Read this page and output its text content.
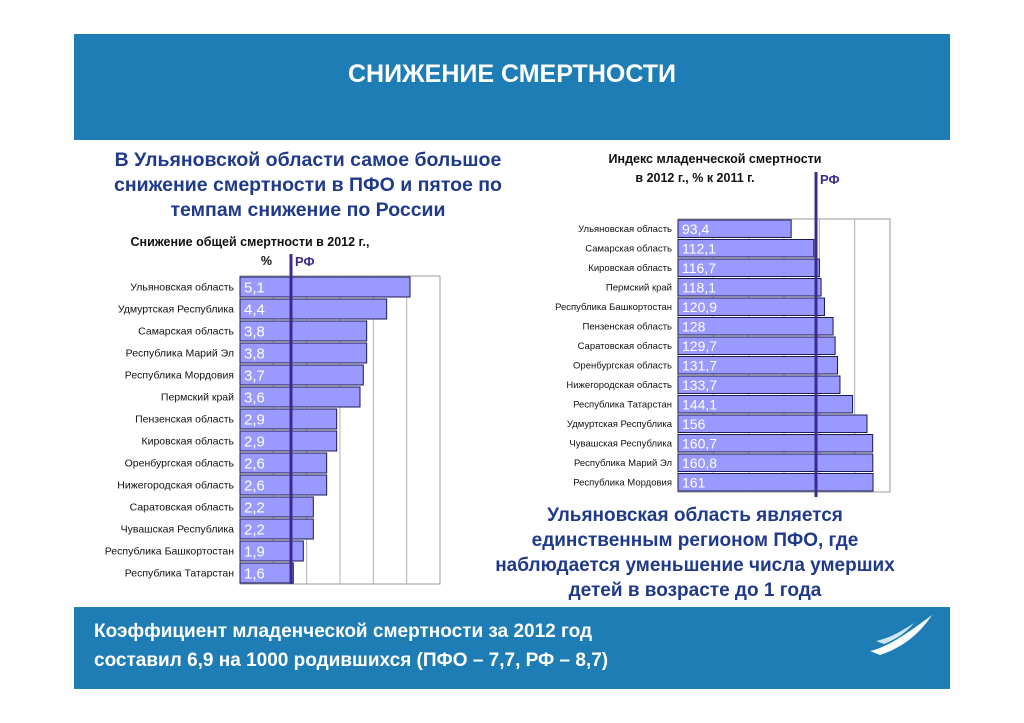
СНИЖЕНИЕ СМЕРТНОСТИ
В Ульяновской области самое большое
снижение смертности в ПФО и пятое по
темпам снижение по России
Снижение общей смертности в 2012 г.,
%
Индекс младенческой смертности
в 2012 г., % к 2011 г.
5,1
Ульяновская область
4,4
Удмуртская Республика
3,8
Самарская область
3,8
Республика Марий Эл
3,7
Республика Мордовия
3,6
Пермский край
2,9
Пензенская область
2,9
Кировская область
2,6
Оренбургская область
2,6
Нижегородская область
2,2
Саратовская область
2,2
Чувашская Республика
1,9
Республика Башкортостан
1,6
Республика Татарстан
РФ
93,4
Ульяновская область
112,1
Самарская область
116,7
Кировская область
118,1
Пермский край
120,9
Республика Башкортостан
128
Пензенская область
129,7
Саратовская область
131,7
Оренбургская область
133,7
Нижегородская область
144,1
Республика Татарстан
156
Удмуртская Республика
160,7
Чувашская Республика
160,8
Республика Марий Эл
161
Республика Мордовия
РФ
Ульяновская область является
единственным регионом ПФО, где
наблюдается уменьшение числа умерших
детей в возрасте до 1 года
Коэффициент младенческой смертности за 2012 год
составил 6,9 на 1000 родившихся (ПФО – 7,7, РФ – 8,7)
